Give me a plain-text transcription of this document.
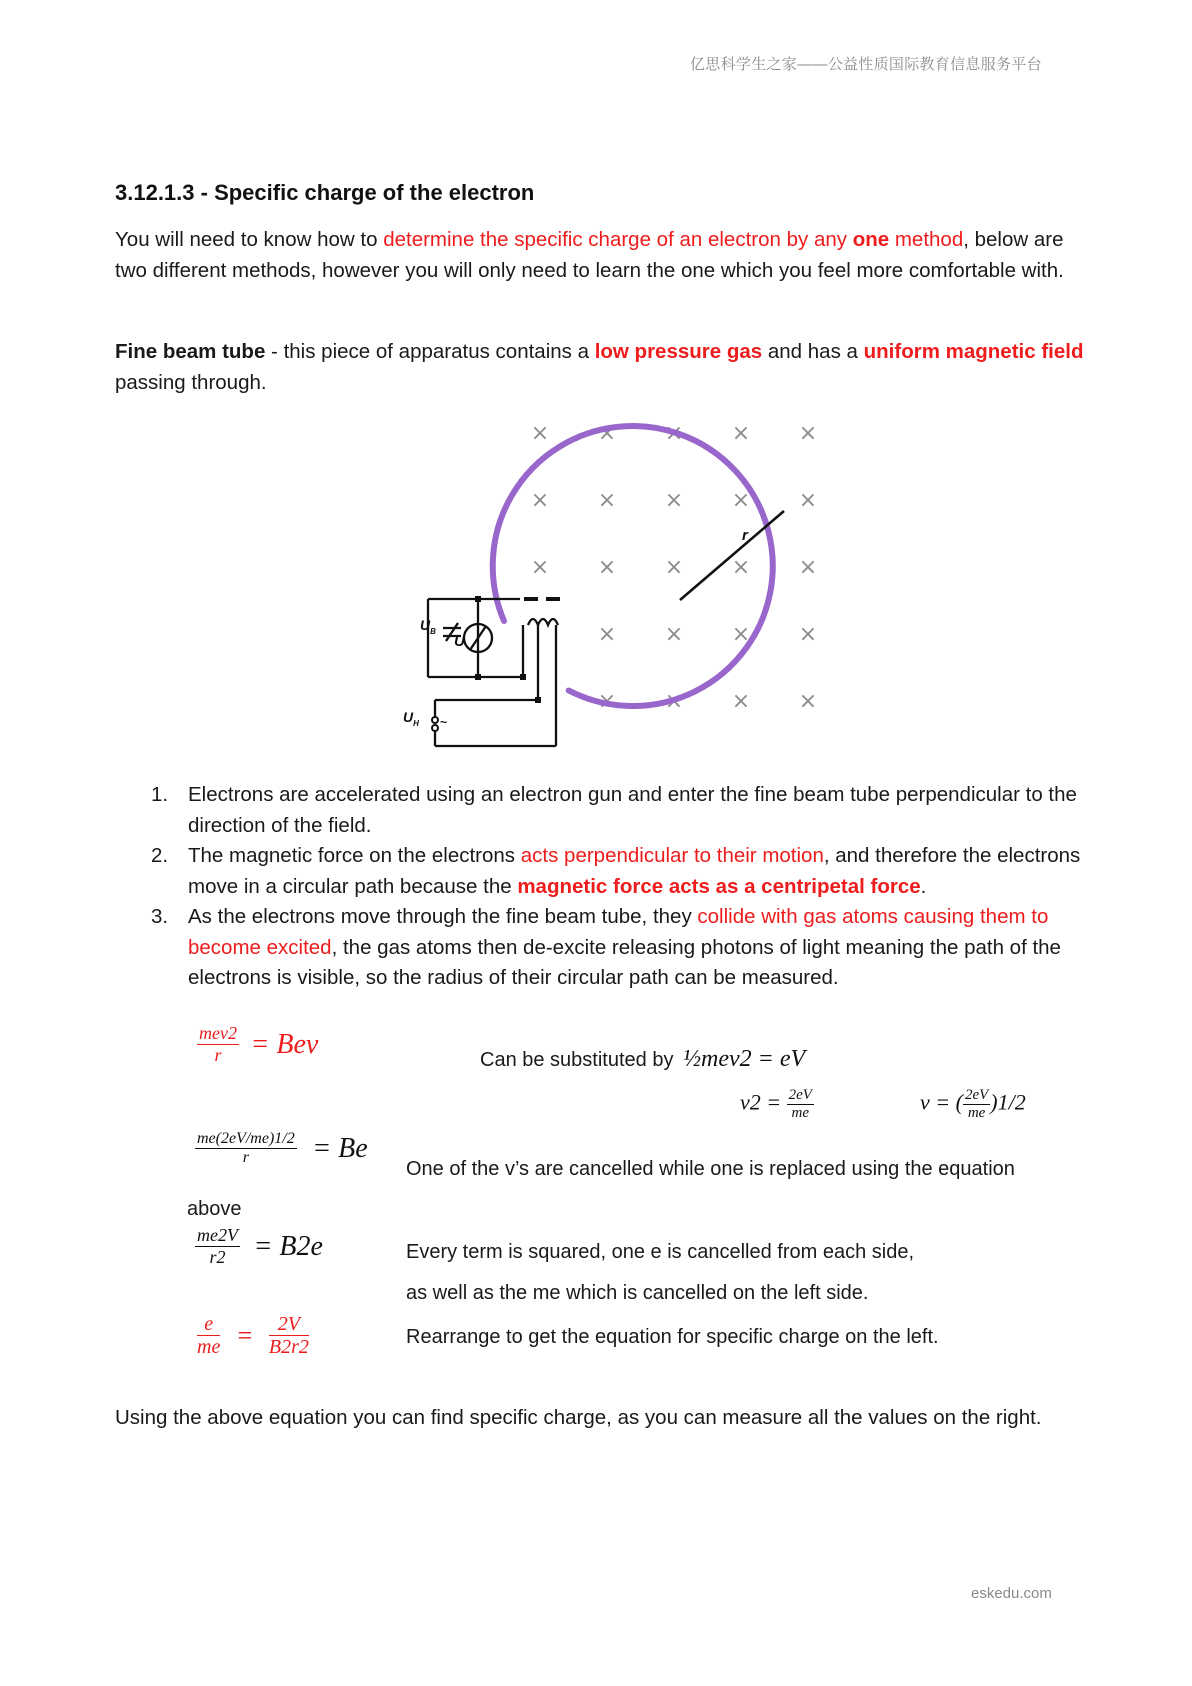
亿思科学生之家——公益性质国际教育信息服务平台
3.12.1.3 - Specific charge of the electron
You will need to know how to determine the specific charge of an electron by any one method, below are two different methods, however you will only need to learn the one which you feel more comfortable with.
Fine beam tube - this piece of apparatus contains a low pressure gas and has a uniform magnetic field passing through.
× × × × ×
× × × × ×
× × × × ×
× × × ×
× × × ×
r
$U_B$
U
$U_H$ ~
1. Electrons are accelerated using an electron gun and enter the fine beam tube perpendicular to the direction of the field.
2. The magnetic force on the electrons acts perpendicular to their motion, and therefore the electrons move in a circular path because the magnetic force acts as a centripetal force.
3. As the electrons move through the fine beam tube, they collide with gas atoms causing them to become excited, the gas atoms then de-excite releasing photons of light meaning the path of the electrons is visible, so the radius of their circular path can be measured.
$\frac{\text{mev2}}{r}$ = Bev
Can be substituted by ½mev2 = eV
$v2 = \frac{2eV}{me}$	v = ( $\frac{2eV}{me} )1/2$
$\frac{me(2eV/me)1/2}{r} = Be$
One of the v’s are cancelled while one is replaced using the equation
above
$\frac{me2V}{r2} = B2e$	Every term is squared, one e is cancelled from each side,
as well as the me which is cancelled on the left side.
$\frac{e}{me} = \frac{2V}{B2r2}$	Rearrange to get the equation for specific charge on the left.
Using the above equation you can find specific charge, as you can measure all the values on the right.
eskedu.com
